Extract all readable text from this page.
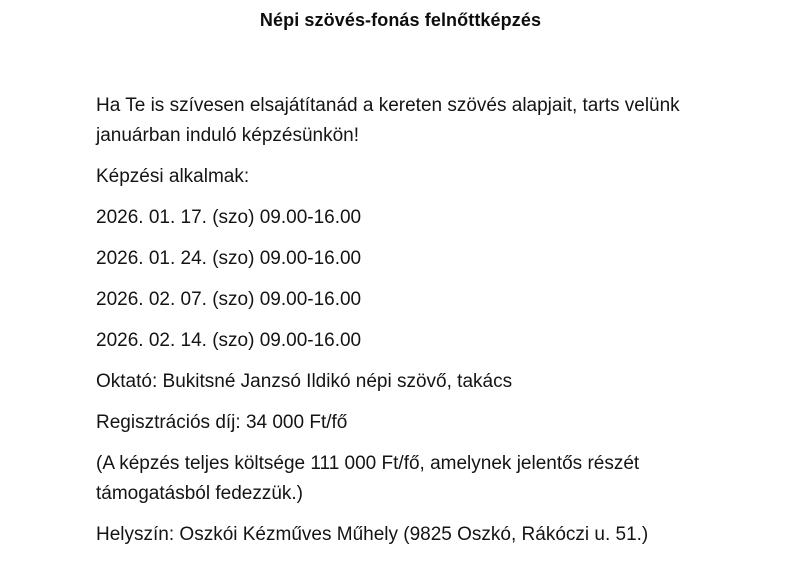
Népi szövés-fonás felnőttképzés

Ha Te is szívesen elsajátítanád a kereten szövés alapjait, tarts velünk januárban induló képzésünkön!

Képzési alkalmak:

2026. 01. 17. (szo) 09.00-16.00
2026. 01. 24. (szo) 09.00-16.00
2026. 02. 07. (szo) 09.00-16.00
2026. 02. 14. (szo) 09.00-16.00

Oktató: Bukitsné Janzsó Ildikó népi szövő, takács

Regisztrációs díj: 34 000 Ft/fő

(A képzés teljes költsége 111 000 Ft/fő, amelynek jelentős részét támogatásból fedezzük.)

Helyszín: Oszkói Kézműves Műhely (9825 Oszkó, Rákóczi u. 51.)
